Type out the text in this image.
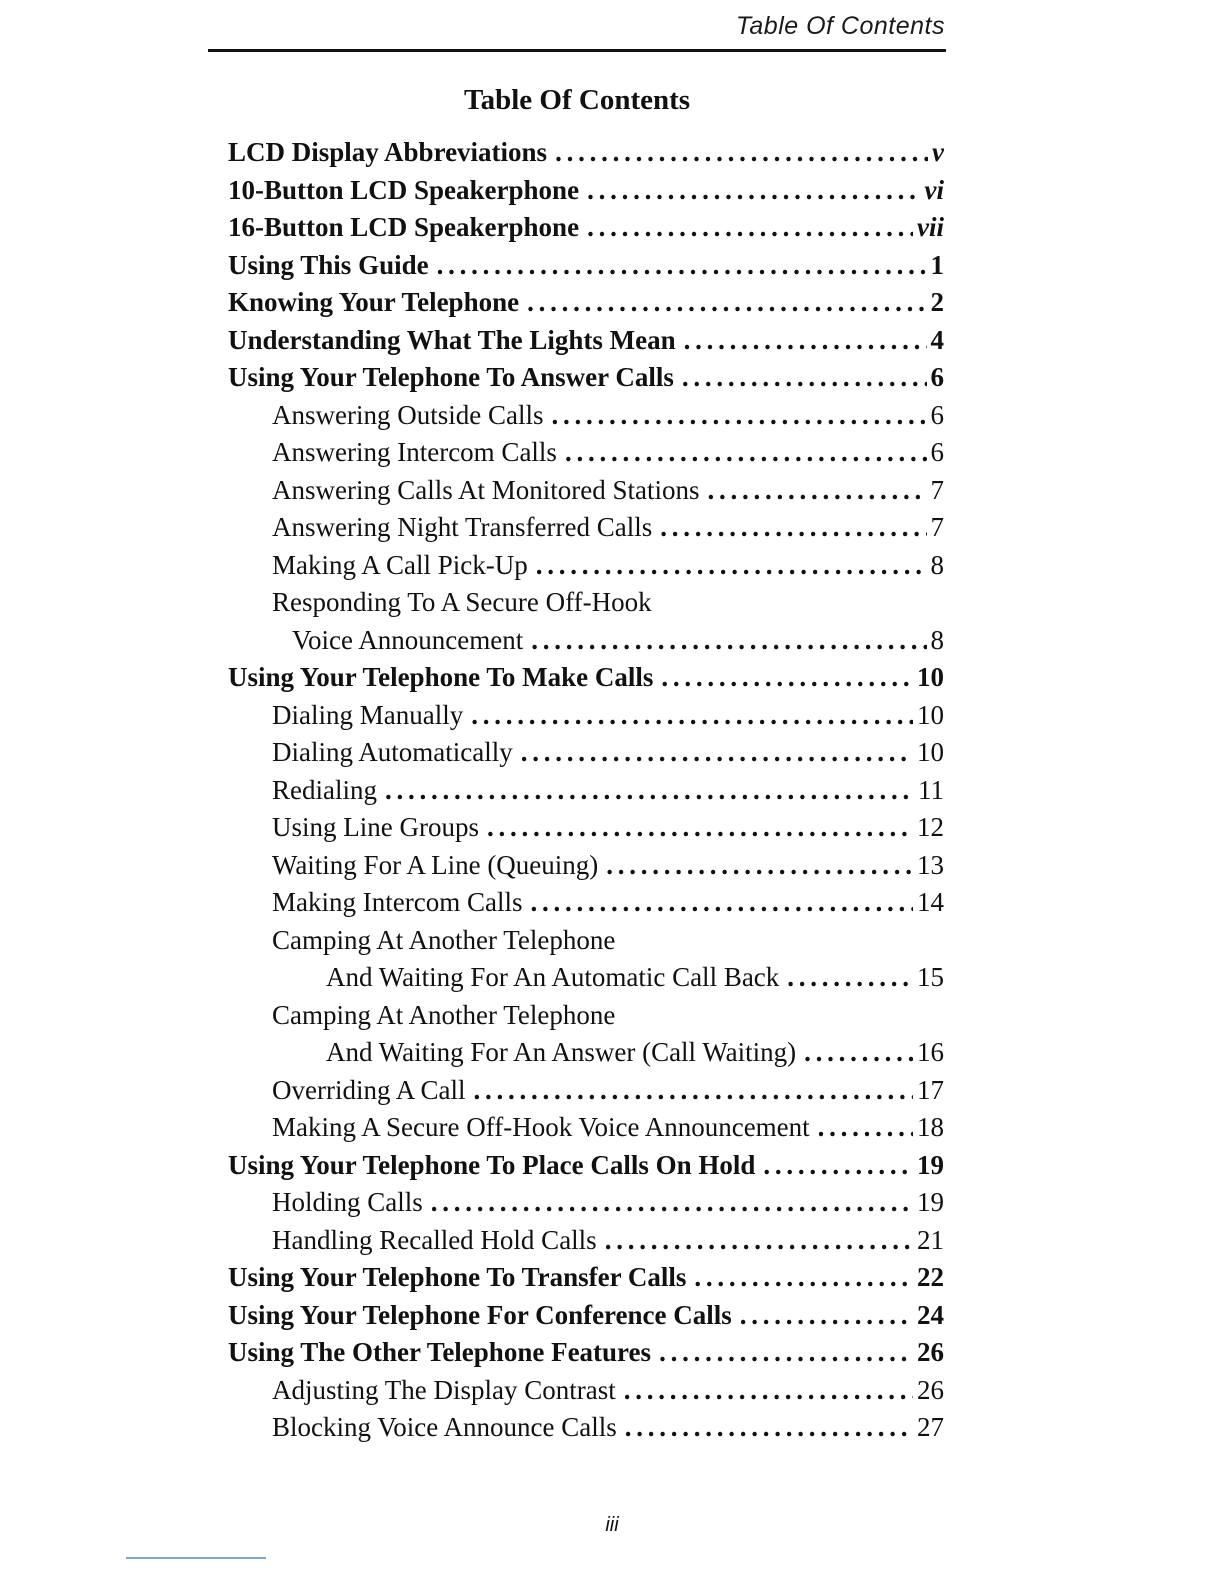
Table Of Contents
Table Of Contents
LCD Display Abbreviations . . .	v
10-Button LCD Speakerphone . . .	vi
16-Button LCD Speakerphone . . .	vii
Using This Guide . . .	1
Knowing Your Telephone . . .	2
Understanding What The Lights Mean . . .	4
Using Your Telephone To Answer Calls . . .	6
Answering Outside Calls . . .	6
Answering Intercom Calls . . .	6
Answering Calls At Monitored Stations . . .	7
Answering Night Transferred Calls . . .	7
Making A Call Pick-Up . . .	8
Responding To A Secure Off-Hook
Voice Announcement . . .	8
Using Your Telephone To Make Calls . . .	10
Dialing Manually . . .	10
Dialing Automatically . . .	10
Redialing . . .	11
Using Line Groups . . .	12
Waiting For A Line (Queuing) . . .	13
Making Intercom Calls . . .	14
Camping At Another Telephone
And Waiting For An Automatic Call Back . . .	15
Camping At Another Telephone
And Waiting For An Answer (Call Waiting) . . .	16
Overriding A Call . . .	17
Making A Secure Off-Hook Voice Announcement . . .	18
Using Your Telephone To Place Calls On Hold . . .	19
Holding Calls . . .	19
Handling Recalled Hold Calls . . .	21
Using Your Telephone To Transfer Calls . . .	22
Using Your Telephone For Conference Calls . . .	24
Using The Other Telephone Features . . .	26
Adjusting The Display Contrast . . .	26
Blocking Voice Announce Calls . . .	27
iii
